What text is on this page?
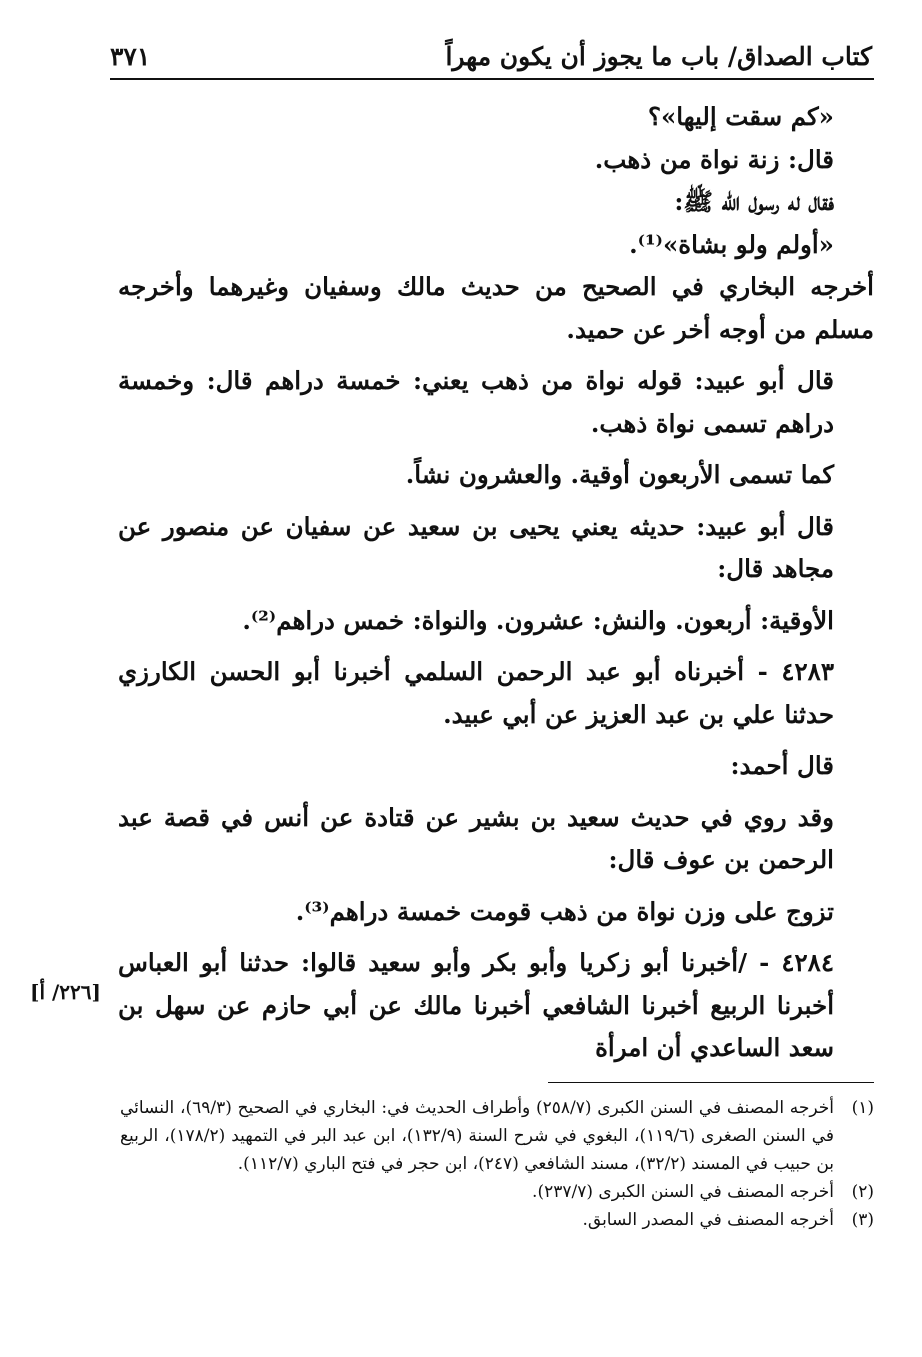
كتاب الصداق/ باب ما يجوز أن يكون مهراً
٣٧١

«كم سقت إليها»؟

قال: زنة نواة من ذهب.

فقال له رسول الله ﷺ:

«أولم ولو بشاة»⁽¹⁾.

أخرجه البخاري في الصحيح من حديث مالك وسفيان وغيرهما وأخرجه مسلم من أوجه أخر عن حميد.

قال أبو عبيد: قوله نواة من ذهب يعني: خمسة دراهم قال: وخمسة دراهم تسمى نواة ذهب.

كما تسمى الأربعون أوقية. والعشرون نشاً.

قال أبو عبيد: حديثه يعني يحيى بن سعيد عن سفيان عن منصور عن مجاهد قال:

الأوقية: أربعون. والنش: عشرون. والنواة: خمس دراهم⁽²⁾.

٤٢٨٣ - أخبرناه أبو عبد الرحمن السلمي أخبرنا أبو الحسن الكارزي حدثنا علي بن عبد العزيز عن أبي عبيد.

قال أحمد:

وقد روي في حديث سعيد بن بشير عن قتادة عن أنس في قصة عبد الرحمن بن عوف قال:

تزوج على وزن نواة من ذهب قومت خمسة دراهم⁽³⁾.

٤٢٨٤ - /أخبرنا أبو زكريا وأبو بكر وأبو سعيد قالوا: حدثنا أبو العباس أخبرنا الربيع أخبرنا الشافعي أخبرنا مالك عن أبي حازم عن سهل بن سعد الساعدي أن امرأة

[٢٢٦/ أ]
(١)
أخرجه المصنف في السنن الكبرى (٢٥٨/٧) وأطراف الحديث في: البخاري في الصحيح (٦٩/٣)، النسائي في السنن الصغرى (١١٩/٦)، البغوي في شرح السنة (١٣٢/٩)، ابن عبد البر في التمهيد (١٧٨/٢)، الربيع بن حبيب في المسند (٣٢/٢)، مسند الشافعي (٢٤٧)، ابن حجر في فتح الباري (١١٢/٧).
(٢)
أخرجه المصنف في السنن الكبرى (٢٣٧/٧).
(٣)
أخرجه المصنف في المصدر السابق.
